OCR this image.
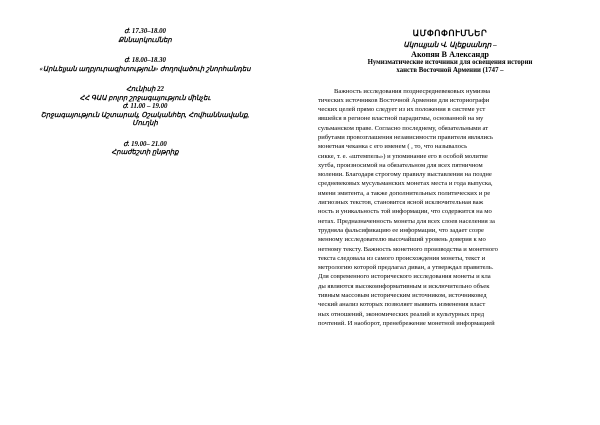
ժ. 17.30–18.00
Քննարկումներ
ժ. 18.00–18.30
«Արևելյան աղբյուրագիտություն» ժողովածուի շնորհանդես
Հունիսի 22
ՀՀ ԳԱԱ բոլոր շրջագայություն մինչեւ
ժ. 11.00 – 19.00
Շրջագայություն Աշտարակ, Օշականհեր, Հովհաննավանք,
Մուղնի
ժ. 19.00– 21.00
Հրաժեշտի ընթրիք
ԱՄՓՈՓՈՒՄՆԵՐ
Ակոպյան Վ. Ալեքսանդր –
Акопян В Александр
Нумизматические источники для освещения истории
ханств Восточной Армении (1747 –
Важность исследования позднесредневековых нумизма
тических источников Восточной Армении для историографи
ческих целей прямо следует из их положения в системе уст
явшейся в регионе властной парадигмы, основанной на му
сульманском праве. Согласно последнему, обязательными ат
рибутами провозглашения независимости правителя являлись
монетная чеканка с его именем ( , то, что называлось
сикке, т. е. «штемпель») и упоминание его в особой молитве
хутба, произносимой на обязательном для всех пятничном
молении. Благодаря строгому правилу выставления на поздне
средневековых мусульманских монетах места и года выпуска,
имени эмитента, а также дополнительных политических и ре
лигиозных текстов, становится ясной исключительная важ
ность и уникальность той информации, что содержится на мо
нетах. Предназначенность монеты для всех слоев населения за
трудняла фальсификацию ее информации, что задает созре
менному исследователю высочайший уровень доверия к мо
нетному тексту. Важность монетного производства и монетного
текста следовала из самого происхождения монеты, текст и
метрологию которой предлагал диван, а утверждал правитель.
Для современного исторического исследования монеты и кла
ды являются высокоинформативным и исключительно объек
тивным массовым историческим источником, источниковед
ческий анализ которых позволяет выявить изменения власт
ных отношений, экономических реалий и культурных пред
почтений. И наоборот, пренебрежение монетной информацией
